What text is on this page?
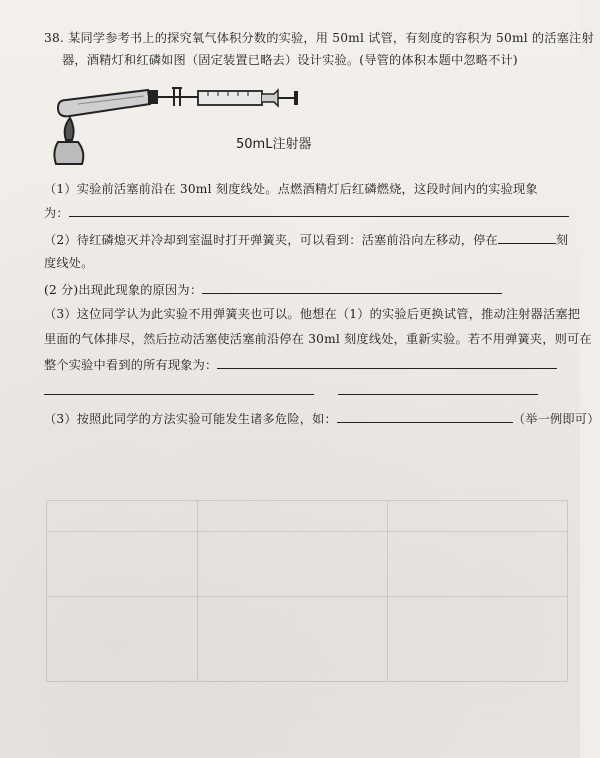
38. 某同学参考书上的探究氧气体积分数的实验，用 50ml 试管，有刻度的容积为 50ml 的活塞注射
器，酒精灯和红磷如图（固定装置已略去）设计实验。(导管的体积本题中忽略不计)
50mL注射器
（1）实验前活塞前沿在 30ml 刻度线处。点燃酒精灯后红磷燃烧，这段时间内的实验现象
为：
（2）待红磷熄灭并冷却到室温时打开弹簧夹，可以看到：活塞前沿向左移动，停在	刻
度线处。
(2 分)出现此现象的原因为：
（3）这位同学认为此实验不用弹簧夹也可以。他想在（1）的实验后更换试管，推动注射器活塞把
里面的气体排尽，然后拉动活塞使活塞前沿停在 30ml 刻度线处，重新实验。若不用弹簧夹，则可在
整个实验中看到的所有现象为：

（3）按照此同学的方法实验可能发生诸多危险，如：	（举一例即可）
